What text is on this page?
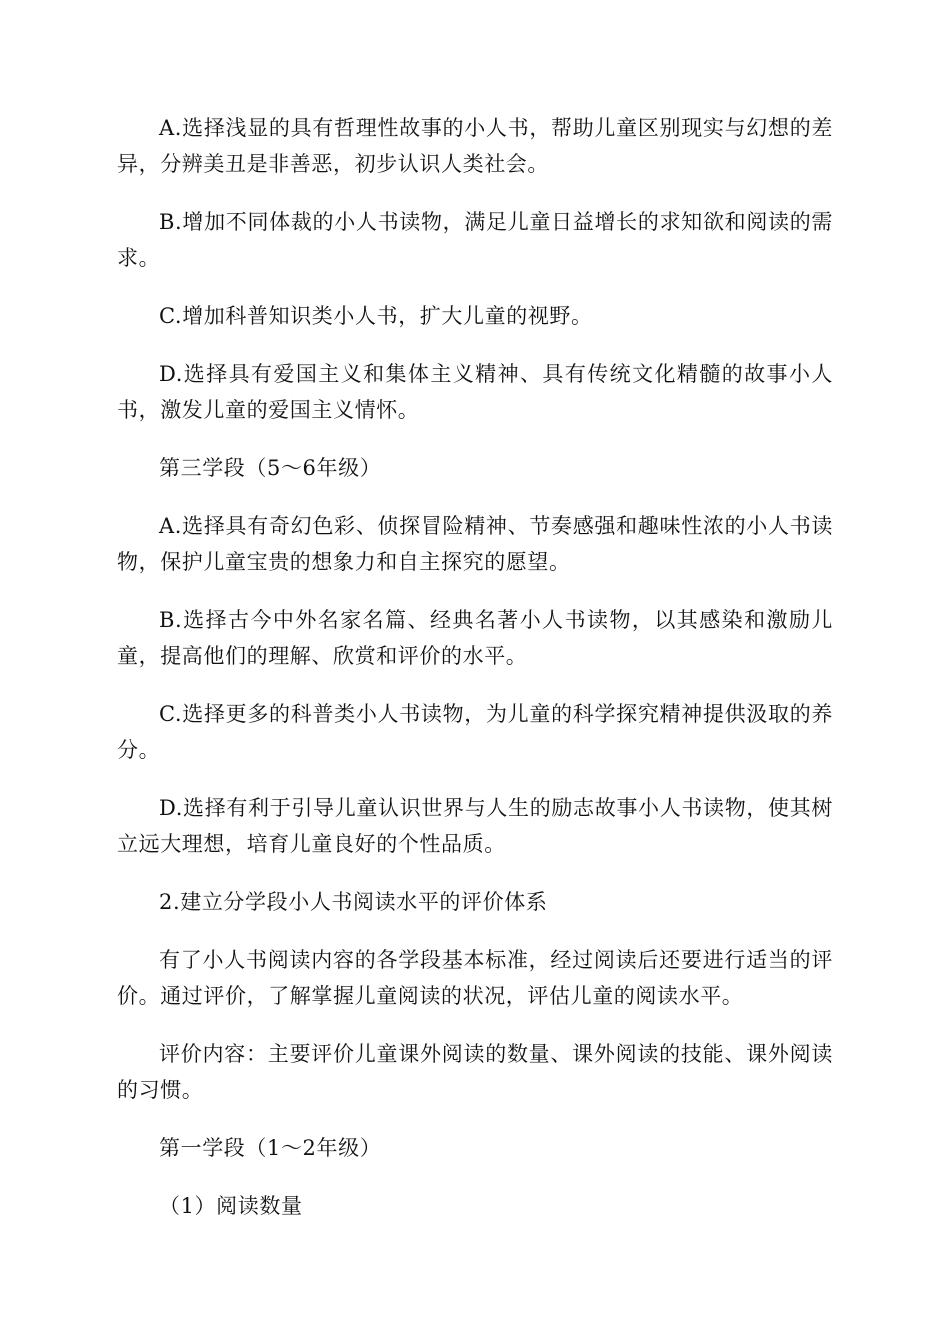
A.选择浅显的具有哲理性故事的小人书，帮助儿童区别现实与幻想的差异，分辨美丑是非善恶，初步认识人类社会。

B.增加不同体裁的小人书读物，满足儿童日益增长的求知欲和阅读的需求。

C.增加科普知识类小人书，扩大儿童的视野。

D.选择具有爱国主义和集体主义精神、具有传统文化精髓的故事小人书，激发儿童的爱国主义情怀。

第三学段（5～6年级）

A.选择具有奇幻色彩、侦探冒险精神、节奏感强和趣味性浓的小人书读物，保护儿童宝贵的想象力和自主探究的愿望。

B.选择古今中外名家名篇、经典名著小人书读物，以其感染和激励儿童，提高他们的理解、欣赏和评价的水平。

C.选择更多的科普类小人书读物，为儿童的科学探究精神提供汲取的养分。

D.选择有利于引导儿童认识世界与人生的励志故事小人书读物，使其树立远大理想，培育儿童良好的个性品质。

2.建立分学段小人书阅读水平的评价体系

有了小人书阅读内容的各学段基本标准，经过阅读后还要进行适当的评价。通过评价，了解掌握儿童阅读的状况，评估儿童的阅读水平。

评价内容：主要评价儿童课外阅读的数量、课外阅读的技能、课外阅读的习惯。

第一学段（1～2年级）

（1）阅读数量
